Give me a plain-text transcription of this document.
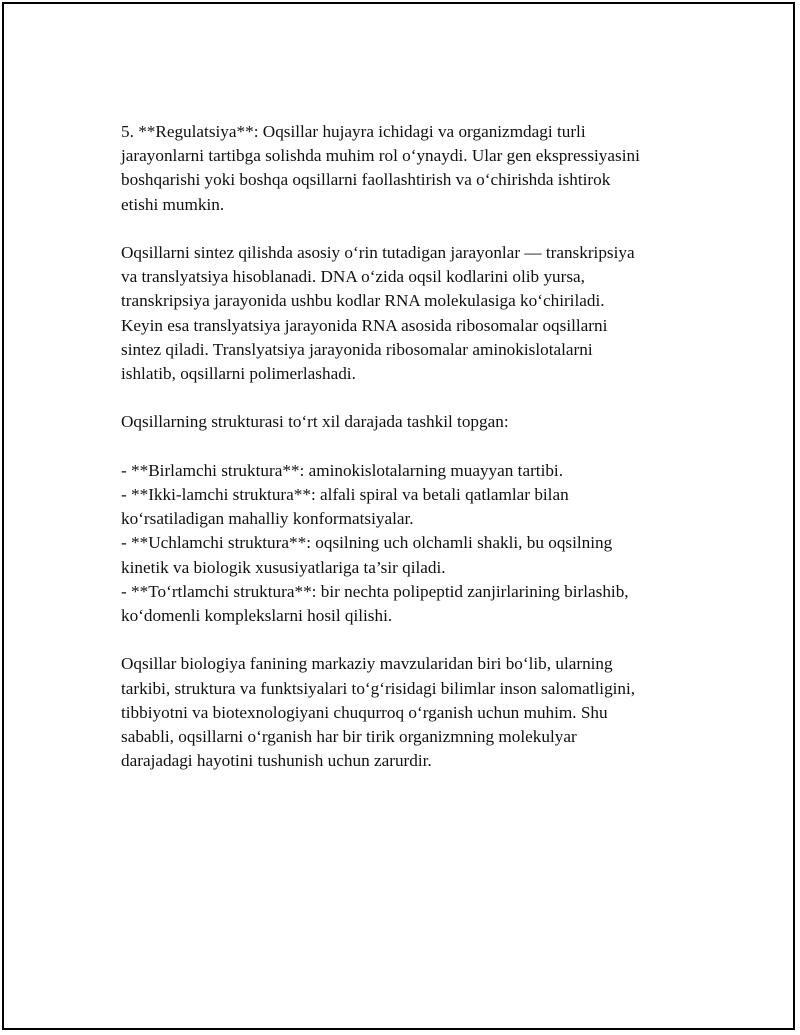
5. **Regulatsiya**: Oqsillar hujayra ichidagi va organizmdagi turli
jarayonlarni tartibga solishda muhim rol o‘ynaydi. Ular gen ekspressiyasini
boshqarishi yoki boshqa oqsillarni faollashtirish va o‘chirishda ishtirok
etishi mumkin.

Oqsillarni sintez qilishda asosiy o‘rin tutadigan jarayonlar — transkripsiya
va translyatsiya hisoblanadi. DNA o‘zida oqsil kodlarini olib yursa,
transkripsiya jarayonida ushbu kodlar RNA molekulasiga ko‘chiriladi.
Keyin esa translyatsiya jarayonida RNA asosida ribosomalar oqsillarni
sintez qiladi. Translyatsiya jarayonida ribosomalar aminokislotalarni
ishlatib, oqsillarni polimerlashadi.

Oqsillarning strukturasi to‘rt xil darajada tashkil topgan:

- **Birlamchi struktura**: aminokislotalarning muayyan tartibi.
- **Ikki-lamchi struktura**: alfali spiral va betali qatlamlar bilan
ko‘rsatiladigan mahalliy konformatsiyalar.
- **Uchlamchi struktura**: oqsilning uch olchamli shakli, bu oqsilning
kinetik va biologik xususiyatlariga ta’sir qiladi.
- **To‘rtlamchi struktura**: bir nechta polipeptid zanjirlarining birlashib,
ko‘domenli komplekslarni hosil qilishi.

Oqsillar biologiya fanining markaziy mavzularidan biri bo‘lib, ularning
tarkibi, struktura va funktsiyalari to‘g‘risidagi bilimlar inson salomatligini,
tibbiyotni va biotexnologiyani chuqurroq o‘rganish uchun muhim. Shu
sababli, oqsillarni o‘rganish har bir tirik organizmning molekulyar
darajadagi hayotini tushunish uchun zarurdir.
